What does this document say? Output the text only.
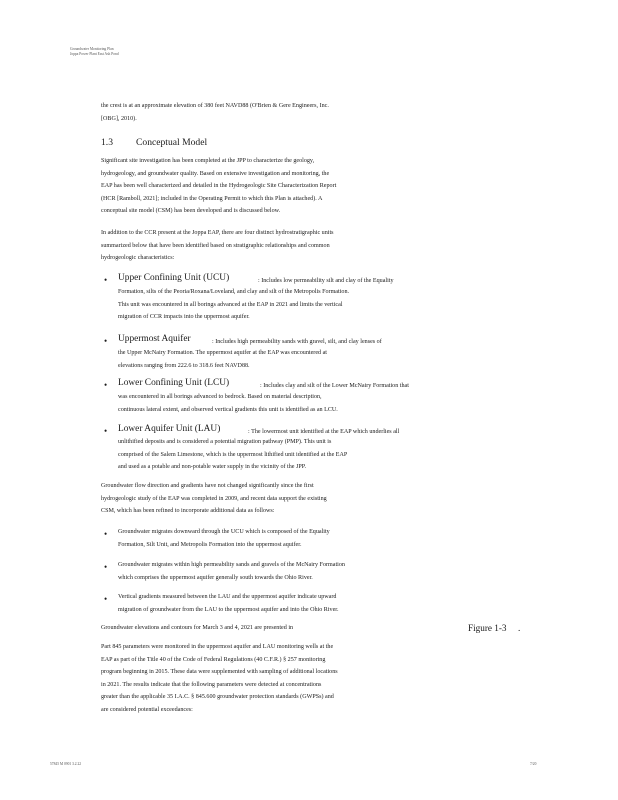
Groundwater Monitoring Plan
Joppa Power Plant East Ash Pond
the crest is at an approximate elevation of 380 feet NAVD88 (O'Brien & Gere Engineers, Inc.
[OBG], 2010).
1.3 Conceptual Model
Significant site investigation has been completed at the JPP to characterize the geology,
hydrogeology, and groundwater quality. Based on extensive investigation and monitoring, the
EAP has been well characterized and detailed in the Hydrogeologic Site Characterization Report
(HCR [Ramboll, 2021]; included in the Operating Permit to which this Plan is attached). A
conceptual site model (CSM) has been developed and is discussed below.
In addition to the CCR present at the Joppa EAP, there are four distinct hydrostratigraphic units
summarized below that have been identified based on stratigraphic relationships and common
hydrogeologic characteristics:
• Upper Confining Unit (UCU)	: Includes low permeability silt and clay of the Equality
Formation, silts of the Peoria/Roxana/Loveland, and clay and silt of the Metropolis Formation.
This unit was encountered in all borings advanced at the EAP in 2021 and limits the vertical
migration of CCR impacts into the uppermost aquifer.
• Uppermost Aquifer	: Includes high permeability sands with gravel, silt, and clay lenses of
the Upper McNairy Formation. The uppermost aquifer at the EAP was encountered at
elevations ranging from 222.6 to 318.6 feet NAVD88.
• Lower Confining Unit (LCU)	: Includes clay and silt of the Lower McNairy Formation that
was encountered in all borings advanced to bedrock. Based on material description,
continuous lateral extent, and observed vertical gradients this unit is identified as an LCU.
• Lower Aquifer Unit (LAU)	: The lowermost unit identified at the EAP which underlies all
unlithified deposits and is considered a potential migration pathway (PMP). This unit is
comprised of the Salem Limestone, which is the uppermost lithified unit identified at the EAP
and used as a potable and non-potable water supply in the vicinity of the JPP.
Groundwater flow direction and gradients have not changed significantly since the first
hydrogeologic study of the EAP was completed in 2009, and recent data support the existing
CSM, which has been refined to incorporate additional data as follows:
• Groundwater migrates downward through the UCU which is composed of the Equality
Formation, Silt Unit, and Metropolis Formation into the uppermost aquifer.
• Groundwater migrates within high permeability sands and gravels of the McNairy Formation
which comprises the uppermost aquifer generally south towards the Ohio River.
• Vertical gradients measured between the LAU and the uppermost aquifer indicate upward
migration of groundwater from the LAU to the uppermost aquifer and into the Ohio River.
Groundwater elevations and contours for March 3 and 4, 2021 are presented in	Figure 1-3 .
Part 845 parameters were monitored in the uppermost aquifer and LAU monitoring wells at the
EAP as part of the Title 40 of the Code of Federal Regulations (40 C.F.R.) § 257 monitoring
program beginning in 2015. These data were supplemented with sampling of additional locations
in 2021. The results indicate that the following parameters were detected at concentrations
greater than the applicable 35 I.A.C. § 845.600 groundwater protection standards (GWPSs) and
are considered potential exceedances:
57845 M 0901 3.2.22	7/20
